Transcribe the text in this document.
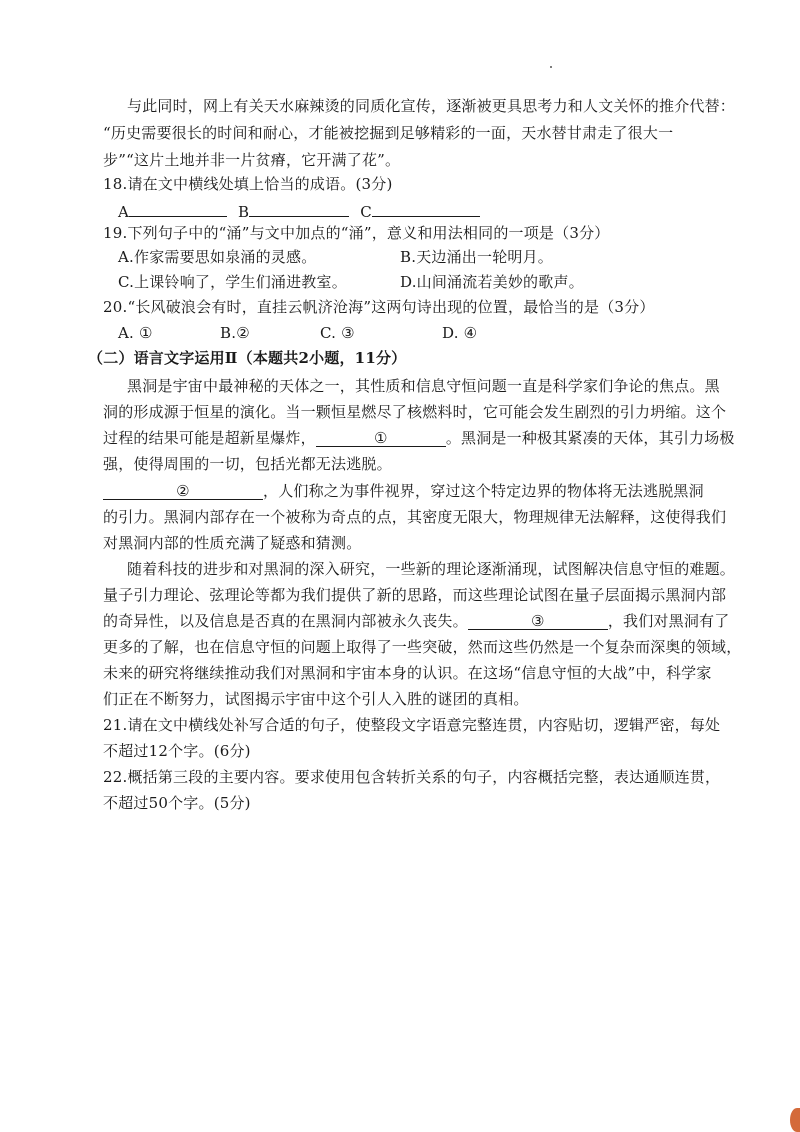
与此同时，网上有关天水麻辣烫的同质化宣传，逐渐被更具思考力和人文关怀的推介代替：
“历史需要很长的时间和耐心，才能被挖掘到足够精彩的一面，天水替甘肃走了很大一
步”“这片土地并非一片贫瘠，它开满了花”。
18.请在文中横线处填上恰当的成语。(3分)
A	B	C
19.下列句子中的“涌”与文中加点的“涌”，意义和用法相同的一项是（3分）
A.作家需要思如泉涌的灵感。	B.天边涌出一轮明月。
C.上课铃响了，学生们涌进教室。	D.山间涌流若美妙的歌声。
20.“长风破浪会有时，直挂云帆济沧海”这两句诗出现的位置，最恰当的是（3分）
A. ①	B.②	C. ③	D. ④
（二）语言文字运用Ⅱ（本题共2小题，11分）
黑洞是宇宙中最神秘的天体之一，其性质和信息守恒问题一直是科学家们争论的焦点。黑
洞的形成源于恒星的演化。当一颗恒星燃尽了核燃料时，它可能会发生剧烈的引力坍缩。这个
过程的结果可能是超新星爆炸，	①	。黑洞是一种极其紧凑的天体，其引力场极
强，使得周围的一切，包括光都无法逃脱。
②	，人们称之为事件视界，穿过这个特定边界的物体将无法逃脱黑洞
的引力。黑洞内部存在一个被称为奇点的点，其密度无限大，物理规律无法解释，这使得我们
对黑洞内部的性质充满了疑惑和猜测。
随着科技的进步和对黑洞的深入研究，一些新的理论逐渐涌现，试图解决信息守恒的难题。
量子引力理论、弦理论等都为我们提供了新的思路，而这些理论试图在量子层面揭示黑洞内部
的奇异性，以及信息是否真的在黑洞内部被永久丧失。	③	，我们对黑洞有了
更多的了解，也在信息守恒的问题上取得了一些突破，然而这些仍然是一个复杂而深奥的领域，
未来的研究将继续推动我们对黑洞和宇宙本身的认识。在这场“信息守恒的大战”中，科学家
们正在不断努力，试图揭示宇宙中这个引人入胜的谜团的真相。
21.请在文中横线处补写合适的句子，使整段文字语意完整连贯，内容贴切，逻辑严密，每处
不超过12个字。(6分)
22.概括第三段的主要内容。要求使用包含转折关系的句子，内容概括完整，表达通顺连贯，
不超过50个字。(5分)
